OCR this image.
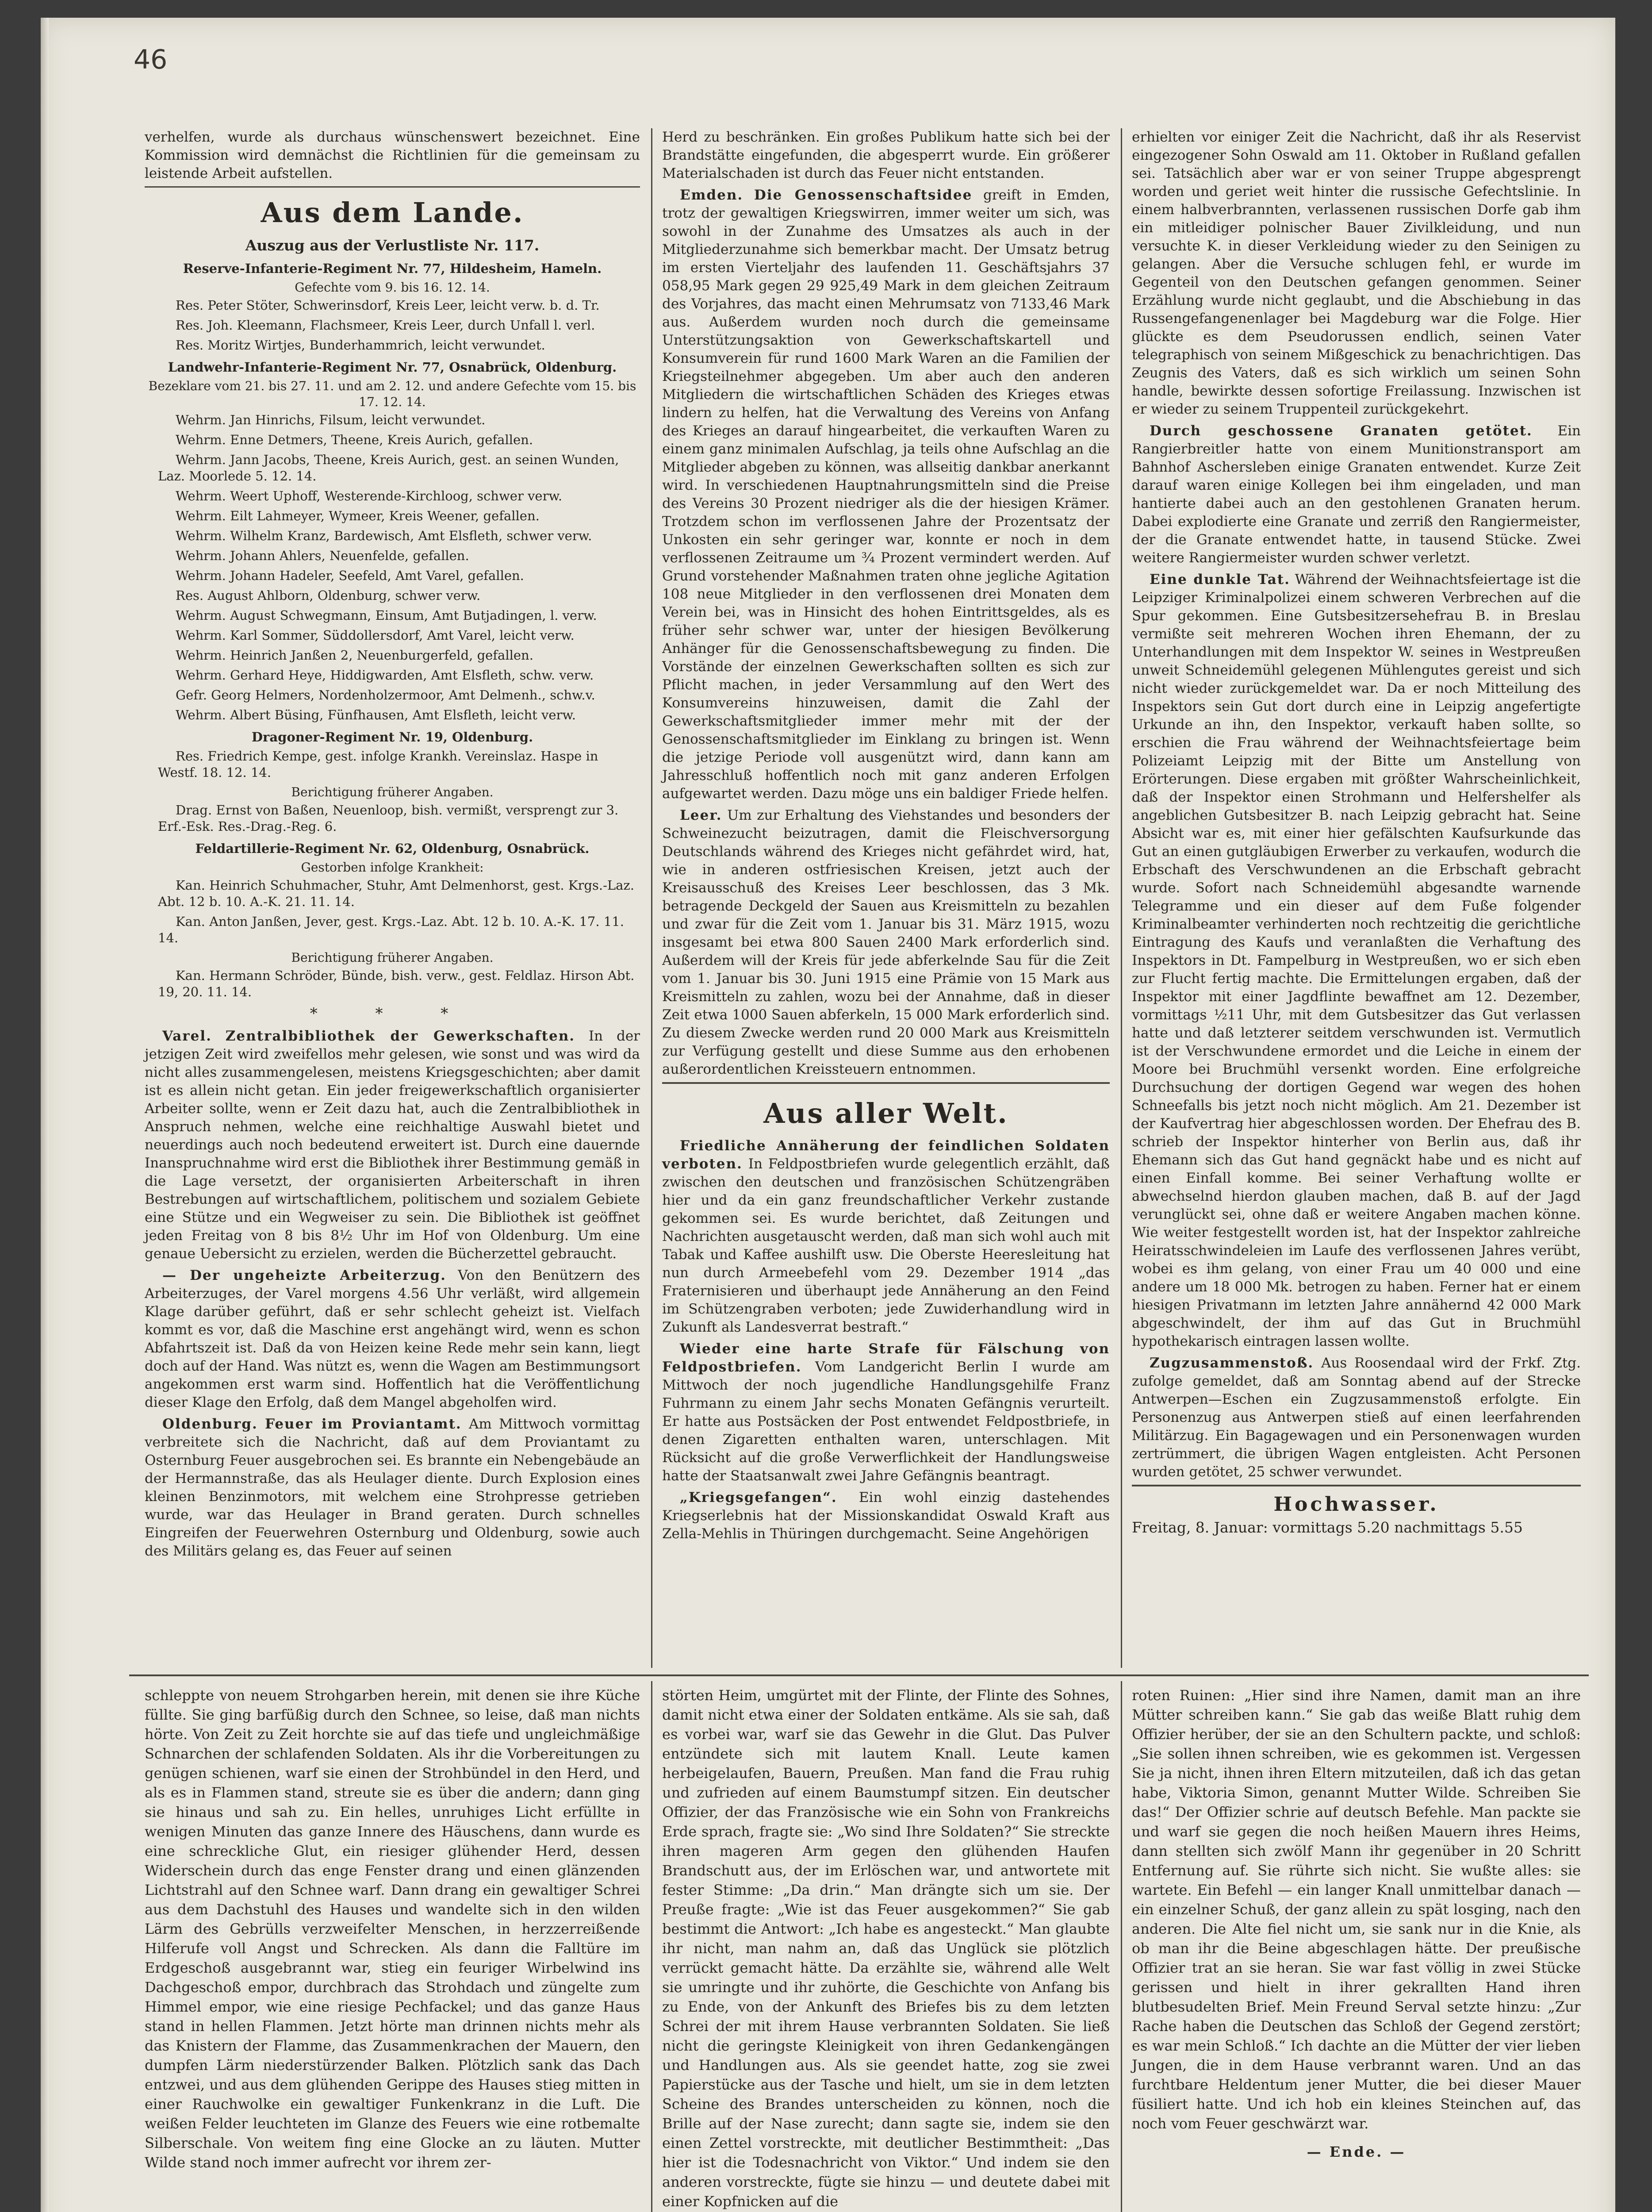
46

verhelfen, wurde als durchaus wünschenswert bezeichnet. Eine Kommission wird demnächst die Richtlinien für die gemeinsam zu leistende Arbeit aufstellen.

Aus dem Lande.
Auszug aus der Verlustliste Nr. 117.
Reserve-Infanterie-Regiment Nr. 77, Hildesheim, Hameln.
Gefechte vom 9. bis 16. 12. 14.

Res. Peter Stöter, Schwerinsdorf, Kreis Leer, leicht verw. b. d. Tr.

Res. Joh. Kleemann, Flachsmeer, Kreis Leer, durch Unfall l. verl.

Res. Moritz Wirtjes, Bunderhammrich, leicht verwundet.

Landwehr-Infanterie-Regiment Nr. 77, Osnabrück, Oldenburg.
Bezeklare vom 21. bis 27. 11. und am 2. 12. und andere Gefechte vom 15. bis 17. 12. 14.

Wehrm. Jan Hinrichs, Filsum, leicht verwundet.

Wehrm. Enne Detmers, Theene, Kreis Aurich, gefallen.

Wehrm. Jann Jacobs, Theene, Kreis Aurich, gest. an seinen Wunden, Laz. Moorlede 5. 12. 14.

Wehrm. Weert Uphoff, Westerende-Kirchloog, schwer verw.

Wehrm. Eilt Lahmeyer, Wymeer, Kreis Weener, gefallen.

Wehrm. Wilhelm Kranz, Bardewisch, Amt Elsfleth, schwer verw.

Wehrm. Johann Ahlers, Neuenfelde, gefallen.

Wehrm. Johann Hadeler, Seefeld, Amt Varel, gefallen.

Res. August Ahlborn, Oldenburg, schwer verw.

Wehrm. August Schwegmann, Einsum, Amt Butjadingen, l. verw.

Wehrm. Karl Sommer, Süddollersdorf, Amt Varel, leicht verw.

Wehrm. Heinrich Janßen 2, Neuenburgerfeld, gefallen.

Wehrm. Gerhard Heye, Hiddigwarden, Amt Elsfleth, schw. verw.

Gefr. Georg Helmers, Nordenholzermoor, Amt Delmenh., schw.v.

Wehrm. Albert Büsing, Fünfhausen, Amt Elsfleth, leicht verw.

Dragoner-Regiment Nr. 19, Oldenburg.

Res. Friedrich Kempe, gest. infolge Krankh. Vereinslaz. Haspe in Westf. 18. 12. 14.

Berichtigung früherer Angaben.

Drag. Ernst von Baßen, Neuenloop, bish. vermißt, versprengt zur 3. Erf.-Esk. Res.-Drag.-Reg. 6.

Feldartillerie-Regiment Nr. 62, Oldenburg, Osnabrück.
Gestorben infolge Krankheit:

Kan. Heinrich Schuhmacher, Stuhr, Amt Delmenhorst, gest. Krgs.-Laz. Abt. 12 b. 10. A.-K. 21. 11. 14.

Kan. Anton Janßen, Jever, gest. Krgs.-Laz. Abt. 12 b. 10. A.-K. 17. 11. 14.

Berichtigung früherer Angaben.

Kan. Hermann Schröder, Bünde, bish. verw., gest. Feldlaz. Hirson Abt. 19, 20. 11. 14.

* * *

Varel. Zentralbibliothek der Gewerkschaften. In der jetzigen Zeit wird zweifellos mehr gelesen, wie sonst und was wird da nicht alles zusammengelesen, meistens Kriegsgeschichten; aber damit ist es allein nicht getan. Ein jeder freigewerkschaftlich organisierter Arbeiter sollte, wenn er Zeit dazu hat, auch die Zentralbibliothek in Anspruch nehmen, welche eine reichhaltige Auswahl bietet und neuerdings auch noch bedeutend erweitert ist. Durch eine dauernde Inanspruchnahme wird erst die Bibliothek ihrer Bestimmung gemäß in die Lage versetzt, der organisierten Arbeiterschaft in ihren Bestrebungen auf wirtschaftlichem, politischem und sozialem Gebiete eine Stütze und ein Wegweiser zu sein. Die Bibliothek ist geöffnet jeden Freitag von 8 bis 8½ Uhr im Hof von Oldenburg. Um eine genaue Uebersicht zu erzielen, werden die Bücherzettel gebraucht.

— Der ungeheizte Arbeiterzug. Von den Benützern des Arbeiterzuges, der Varel morgens 4.56 Uhr verläßt, wird allgemein Klage darüber geführt, daß er sehr schlecht geheizt ist. Vielfach kommt es vor, daß die Maschine erst angehängt wird, wenn es schon Abfahrtszeit ist. Daß da von Heizen keine Rede mehr sein kann, liegt doch auf der Hand. Was nützt es, wenn die Wagen am Bestimmungsort angekommen erst warm sind. Hoffentlich hat die Veröffentlichung dieser Klage den Erfolg, daß dem Mangel abgeholfen wird.

Oldenburg. Feuer im Proviantamt. Am Mittwoch vormittag verbreitete sich die Nachricht, daß auf dem Proviantamt zu Osternburg Feuer ausgebrochen sei. Es brannte ein Nebengebäude an der Hermannstraße, das als Heulager diente. Durch Explosion eines kleinen Benzinmotors, mit welchem eine Strohpresse getrieben wurde, war das Heulager in Brand geraten. Durch schnelles Eingreifen der Feuerwehren Osternburg und Oldenburg, sowie auch des Militärs gelang es, das Feuer auf seinen

Herd zu beschränken. Ein großes Publikum hatte sich bei der Brandstätte eingefunden, die abgesperrt wurde. Ein größerer Materialschaden ist durch das Feuer nicht entstanden.

Emden. Die Genossenschaftsidee greift in Emden, trotz der gewaltigen Kriegswirren, immer weiter um sich, was sowohl in der Zunahme des Umsatzes als auch in der Mitgliederzunahme sich bemerkbar macht. Der Umsatz betrug im ersten Vierteljahr des laufenden 11. Geschäftsjahrs 37 058,95 Mark gegen 29 925,49 Mark in dem gleichen Zeitraum des Vorjahres, das macht einen Mehrumsatz von 7133,46 Mark aus. Außerdem wurden noch durch die gemeinsame Unterstützungsaktion von Gewerkschaftskartell und Konsumverein für rund 1600 Mark Waren an die Familien der Kriegsteilnehmer abgegeben. Um aber auch den anderen Mitgliedern die wirtschaftlichen Schäden des Krieges etwas lindern zu helfen, hat die Verwaltung des Vereins von Anfang des Krieges an darauf hingearbeitet, die verkauften Waren zu einem ganz minimalen Aufschlag, ja teils ohne Aufschlag an die Mitglieder abgeben zu können, was allseitig dankbar anerkannt wird. In verschiedenen Hauptnahrungsmitteln sind die Preise des Vereins 30 Prozent niedriger als die der hiesigen Krämer. Trotzdem schon im verflossenen Jahre der Prozentsatz der Unkosten ein sehr geringer war, konnte er noch in dem verflossenen Zeitraume um ¾ Prozent vermindert werden. Auf Grund vorstehender Maßnahmen traten ohne jegliche Agitation 108 neue Mitglieder in den verflossenen drei Monaten dem Verein bei, was in Hinsicht des hohen Eintrittsgeldes, als es früher sehr schwer war, unter der hiesigen Bevölkerung Anhänger für die Genossenschaftsbewegung zu finden. Die Vorstände der einzelnen Gewerkschaften sollten es sich zur Pflicht machen, in jeder Versammlung auf den Wert des Konsumvereins hinzuweisen, damit die Zahl der Gewerkschaftsmitglieder immer mehr mit der der Genossenschaftsmitglieder im Einklang zu bringen ist. Wenn die jetzige Periode voll ausgenützt wird, dann kann am Jahresschluß hoffentlich noch mit ganz anderen Erfolgen aufgewartet werden. Dazu möge uns ein baldiger Friede helfen.

Leer. Um zur Erhaltung des Viehstandes und besonders der Schweinezucht beizutragen, damit die Fleischversorgung Deutschlands während des Krieges nicht gefährdet wird, hat, wie in anderen ostfriesischen Kreisen, jetzt auch der Kreisausschuß des Kreises Leer beschlossen, das 3 Mk. betragende Deckgeld der Sauen aus Kreismitteln zu bezahlen und zwar für die Zeit vom 1. Januar bis 31. März 1915, wozu insgesamt bei etwa 800 Sauen 2400 Mark erforderlich sind. Außerdem will der Kreis für jede abferkelnde Sau für die Zeit vom 1. Januar bis 30. Juni 1915 eine Prämie von 15 Mark aus Kreismitteln zu zahlen, wozu bei der Annahme, daß in dieser Zeit etwa 1000 Sauen abferkeln, 15 000 Mark erforderlich sind. Zu diesem Zwecke werden rund 20 000 Mark aus Kreismitteln zur Verfügung gestellt und diese Summe aus den erhobenen außerordentlichen Kreissteuern entnommen.

Aus aller Welt.

Friedliche Annäherung der feindlichen Soldaten verboten. In Feldpostbriefen wurde gelegentlich erzählt, daß zwischen den deutschen und französischen Schützengräben hier und da ein ganz freundschaftlicher Verkehr zustande gekommen sei. Es wurde berichtet, daß Zeitungen und Nachrichten ausgetauscht werden, daß man sich wohl auch mit Tabak und Kaffee aushilft usw. Die Oberste Heeresleitung hat nun durch Armeebefehl vom 29. Dezember 1914 „das Fraternisieren und überhaupt jede Annäherung an den Feind im Schützengraben verboten; jede Zuwiderhandlung wird in Zukunft als Landesverrat bestraft.“

Wieder eine harte Strafe für Fälschung von Feldpostbriefen. Vom Landgericht Berlin I wurde am Mittwoch der noch jugendliche Handlungsgehilfe Franz Fuhrmann zu einem Jahr sechs Monaten Gefängnis verurteilt. Er hatte aus Postsäcken der Post entwendet Feldpostbriefe, in denen Zigaretten enthalten waren, unterschlagen. Mit Rücksicht auf die große Verwerflichkeit der Handlungsweise hatte der Staatsanwalt zwei Jahre Gefängnis beantragt.

„Kriegsgefangen“. Ein wohl einzig dastehendes Kriegserlebnis hat der Missionskandidat Oswald Kraft aus Zella-Mehlis in Thüringen durchgemacht. Seine Angehörigen

erhielten vor einiger Zeit die Nachricht, daß ihr als Reservist eingezogener Sohn Oswald am 11. Oktober in Rußland gefallen sei. Tatsächlich aber war er von seiner Truppe abgesprengt worden und geriet weit hinter die russische Gefechtslinie. In einem halbverbrannten, verlassenen russischen Dorfe gab ihm ein mitleidiger polnischer Bauer Zivilkleidung, und nun versuchte K. in dieser Verkleidung wieder zu den Seinigen zu gelangen. Aber die Versuche schlugen fehl, er wurde im Gegenteil von den Deutschen gefangen genommen. Seiner Erzählung wurde nicht geglaubt, und die Abschiebung in das Russengefangenenlager bei Magdeburg war die Folge. Hier glückte es dem Pseudorussen endlich, seinen Vater telegraphisch von seinem Mißgeschick zu benachrichtigen. Das Zeugnis des Vaters, daß es sich wirklich um seinen Sohn handle, bewirkte dessen sofortige Freilassung. Inzwischen ist er wieder zu seinem Truppenteil zurückgekehrt.

Durch geschossene Granaten getötet. Ein Rangierbreitler hatte von einem Munitionstransport am Bahnhof Aschersleben einige Granaten entwendet. Kurze Zeit darauf waren einige Kollegen bei ihm eingeladen, und man hantierte dabei auch an den gestohlenen Granaten herum. Dabei explodierte eine Granate und zerriß den Rangiermeister, der die Granate entwendet hatte, in tausend Stücke. Zwei weitere Rangiermeister wurden schwer verletzt.

Eine dunkle Tat. Während der Weihnachtsfeiertage ist die Leipziger Kriminalpolizei einem schweren Verbrechen auf die Spur gekommen. Eine Gutsbesitzersehefrau B. in Breslau vermißte seit mehreren Wochen ihren Ehemann, der zu Unterhandlungen mit dem Inspektor W. seines in Westpreußen unweit Schneidemühl gelegenen Mühlengutes gereist und sich nicht wieder zurückgemeldet war. Da er noch Mitteilung des Inspektors sein Gut dort durch eine in Leipzig angefertigte Urkunde an ihn, den Inspektor, verkauft haben sollte, so erschien die Frau während der Weihnachtsfeiertage beim Polizeiamt Leipzig mit der Bitte um Anstellung von Erörterungen. Diese ergaben mit größter Wahrscheinlichkeit, daß der Inspektor einen Strohmann und Helfershelfer als angeblichen Gutsbesitzer B. nach Leipzig gebracht hat. Seine Absicht war es, mit einer hier gefälschten Kaufsurkunde das Gut an einen gutgläubigen Erwerber zu verkaufen, wodurch die Erbschaft des Verschwundenen an die Erbschaft gebracht wurde. Sofort nach Schneidemühl abgesandte warnende Telegramme und ein dieser auf dem Fuße folgender Kriminalbeamter verhinderten noch rechtzeitig die gerichtliche Eintragung des Kaufs und veranlaßten die Verhaftung des Inspektors in Dt. Fampelburg in Westpreußen, wo er sich eben zur Flucht fertig machte. Die Ermittelungen ergaben, daß der Inspektor mit einer Jagdflinte bewaffnet am 12. Dezember, vormittags ½11 Uhr, mit dem Gutsbesitzer das Gut verlassen hatte und daß letzterer seitdem verschwunden ist. Vermutlich ist der Verschwundene ermordet und die Leiche in einem der Moore bei Bruchmühl versenkt worden. Eine erfolgreiche Durchsuchung der dortigen Gegend war wegen des hohen Schneefalls bis jetzt noch nicht möglich. Am 21. Dezember ist der Kaufvertrag hier abgeschlossen worden. Der Ehefrau des B. schrieb der Inspektor hinterher von Berlin aus, daß ihr Ehemann sich das Gut hand gegnäckt habe und es nicht auf einen Einfall komme. Bei seiner Verhaftung wollte er abwechselnd hierdon glauben machen, daß B. auf der Jagd verunglückt sei, ohne daß er weitere Angaben machen könne. Wie weiter festgestellt worden ist, hat der Inspektor zahlreiche Heiratsschwindeleien im Laufe des verflossenen Jahres verübt, wobei es ihm gelang, von einer Frau um 40 000 und eine andere um 18 000 Mk. betrogen zu haben. Ferner hat er einem hiesigen Privatmann im letzten Jahre annähernd 42 000 Mark abgeschwindelt, der ihm auf das Gut in Bruchmühl hypothekarisch eintragen lassen wollte.

Zugzusammenstoß. Aus Roosendaal wird der Frkf. Ztg. zufolge gemeldet, daß am Sonntag abend auf der Strecke Antwerpen—Eschen ein Zugzusammenstoß erfolgte. Ein Personenzug aus Antwerpen stieß auf einen leerfahrenden Militärzug. Ein Bagagewagen und ein Personenwagen wurden zertrümmert, die übrigen Wagen entgleisten. Acht Personen wurden getötet, 25 schwer verwundet.

Hochwasser.
Freitag, 8. Januar: vormittags 5.20 nachmittags 5.55

schleppte von neuem Strohgarben herein, mit denen sie ihre Küche füllte. Sie ging barfüßig durch den Schnee, so leise, daß man nichts hörte. Von Zeit zu Zeit horchte sie auf das tiefe und ungleichmäßige Schnarchen der schlafenden Soldaten. Als ihr die Vorbereitungen zu genügen schienen, warf sie einen der Strohbündel in den Herd, und als es in Flammen stand, streute sie es über die andern; dann ging sie hinaus und sah zu. Ein helles, unruhiges Licht erfüllte in wenigen Minuten das ganze Innere des Häuschens, dann wurde es eine schreckliche Glut, ein riesiger glühender Herd, dessen Widerschein durch das enge Fenster drang und einen glänzenden Lichtstrahl auf den Schnee warf. Dann drang ein gewaltiger Schrei aus dem Dachstuhl des Hauses und wandelte sich in den wilden Lärm des Gebrülls verzweifelter Menschen, in herzzerreißende Hilferufe voll Angst und Schrecken. Als dann die Falltüre im Erdgeschoß ausgebrannt war, stieg ein feuriger Wirbelwind ins Dachgeschoß empor, durchbrach das Strohdach und züngelte zum Himmel empor, wie eine riesige Pechfackel; und das ganze Haus stand in hellen Flammen. Jetzt hörte man drinnen nichts mehr als das Knistern der Flamme, das Zusammenkrachen der Mauern, den dumpfen Lärm niederstürzender Balken. Plötzlich sank das Dach entzwei, und aus dem glühenden Gerippe des Hauses stieg mitten in einer Rauchwolke ein gewaltiger Funkenkranz in die Luft. Die weißen Felder leuchteten im Glanze des Feuers wie eine rotbemalte Silberschale. Von weitem fing eine Glocke an zu läuten. Mutter Wilde stand noch immer aufrecht vor ihrem zer-

störten Heim, umgürtet mit der Flinte, der Flinte des Sohnes, damit nicht etwa einer der Soldaten entkäme. Als sie sah, daß es vorbei war, warf sie das Gewehr in die Glut. Das Pulver entzündete sich mit lautem Knall. Leute kamen herbeigelaufen, Bauern, Preußen. Man fand die Frau ruhig und zufrieden auf einem Baumstumpf sitzen. Ein deutscher Offizier, der das Französische wie ein Sohn von Frankreichs Erde sprach, fragte sie: „Wo sind Ihre Soldaten?“ Sie streckte ihren mageren Arm gegen den glühenden Haufen Brandschutt aus, der im Erlöschen war, und antwortete mit fester Stimme: „Da drin.“ Man drängte sich um sie. Der Preuße fragte: „Wie ist das Feuer ausgekommen?“ Sie gab bestimmt die Antwort: „Ich habe es angesteckt.“ Man glaubte ihr nicht, man nahm an, daß das Unglück sie plötzlich verrückt gemacht hätte. Da erzählte sie, während alle Welt sie umringte und ihr zuhörte, die Geschichte von Anfang bis zu Ende, von der Ankunft des Briefes bis zu dem letzten Schrei der mit ihrem Hause verbrannten Soldaten. Sie ließ nicht die geringste Kleinigkeit von ihren Gedankengängen und Handlungen aus. Als sie geendet hatte, zog sie zwei Papierstücke aus der Tasche und hielt, um sie in dem letzten Scheine des Brandes unterscheiden zu können, noch die Brille auf der Nase zurecht; dann sagte sie, indem sie den einen Zettel vorstreckte, mit deutlicher Bestimmtheit: „Das hier ist die Todesnachricht von Viktor.“ Und indem sie den anderen vorstreckte, fügte sie hinzu — und deutete dabei mit einer Kopfnicken auf die

roten Ruinen: „Hier sind ihre Namen, damit man an ihre Mütter schreiben kann.“ Sie gab das weiße Blatt ruhig dem Offizier herüber, der sie an den Schultern packte, und schloß: „Sie sollen ihnen schreiben, wie es gekommen ist. Vergessen Sie ja nicht, ihnen ihren Eltern mitzuteilen, daß ich das getan habe, Viktoria Simon, genannt Mutter Wilde. Schreiben Sie das!“ Der Offizier schrie auf deutsch Befehle. Man packte sie und warf sie gegen die noch heißen Mauern ihres Heims, dann stellten sich zwölf Mann ihr gegenüber in 20 Schritt Entfernung auf. Sie rührte sich nicht. Sie wußte alles: sie wartete. Ein Befehl — ein langer Knall unmittelbar danach — ein einzelner Schuß, der ganz allein zu spät losging, nach den anderen. Die Alte fiel nicht um, sie sank nur in die Knie, als ob man ihr die Beine abgeschlagen hätte. Der preußische Offizier trat an sie heran. Sie war fast völlig in zwei Stücke gerissen und hielt in ihrer gekrallten Hand ihren blutbesudelten Brief. Mein Freund Serval setzte hinzu: „Zur Rache haben die Deutschen das Schloß der Gegend zerstört; es war mein Schloß.“ Ich dachte an die Mütter der vier lieben Jungen, die in dem Hause verbrannt waren. Und an das furchtbare Heldentum jener Mutter, die bei dieser Mauer füsiliert hatte. Und ich hob ein kleines Steinchen auf, das noch vom Feuer geschwärzt war.

— Ende. —
